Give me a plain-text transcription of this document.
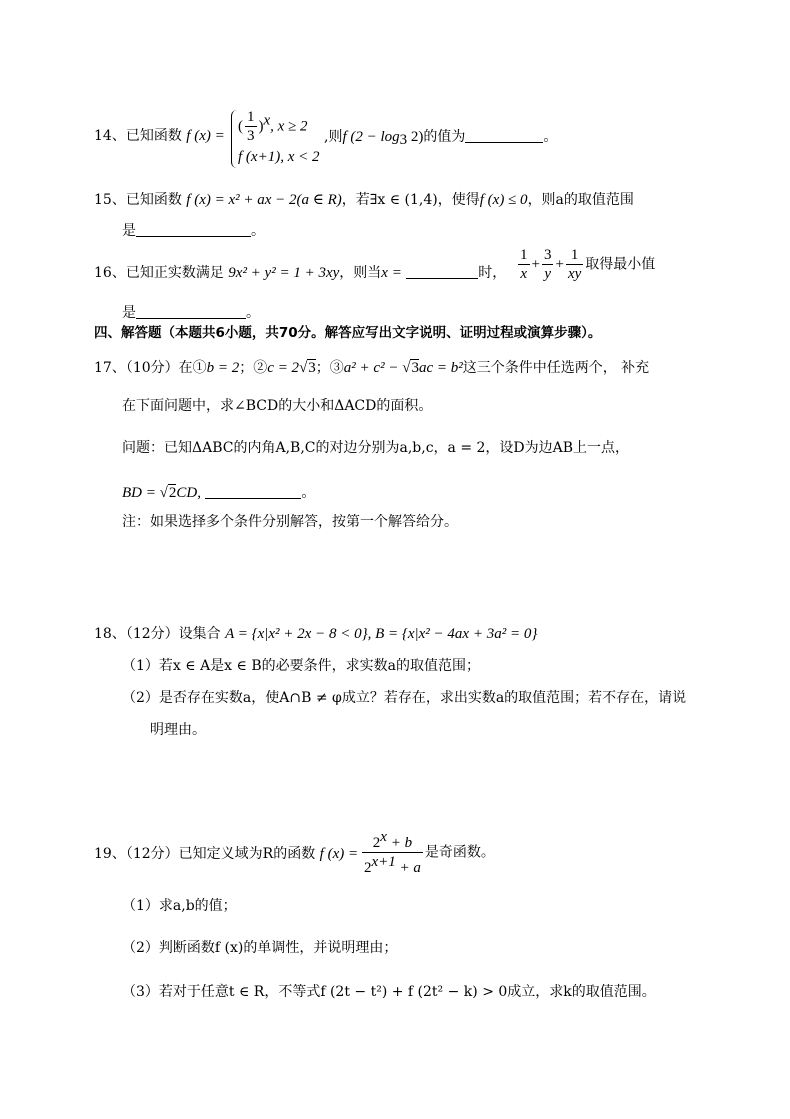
14、已知函数 f (x) =
( $\frac{1}{3} )^x$, x ≥ 2
f (x+1), x < 2
,则f $(2 - \log_3 2)$的值为	。
15、已知函数 f (x) = x² + ax − 2(a ∈ R)，若∃x ∈ (1,4)，使得f (x) ≤ 0，则a的取值范围
是	。
16、已知正实数满足 9x² + y² = 1 + 3xy，则当x =	时， $\frac{1}{x} + \frac{3}{y} + \frac{1}{xy}$ 取得最小值
是	。
四、解答题（本题共6小题，共70分。解答应写出文字说明、证明过程或演算步骤）。
17、（10分）在①b = 2；②c = 2√3；③a² + c² − √3ac = b²这三个条件中任选两个， 补充
在下面问题中，求∠BCD的大小和ΔACD的面积。
问题：已知ΔABC的内角A,B,C的对边分别为a,b,c，a = 2，设D为边AB上一点，
BD = √2CD,	。
注：如果选择多个条件分别解答，按第一个解答给分。
18、（12分）设集合 A = {x|x² + 2x − 8 < 0}, B = {x|x² − 4ax + 3a² = 0}
（1）若x ∈ A是x ∈ B的必要条件，求实数a的取值范围；
（2）是否存在实数a，使A∩B ≠ φ成立？若存在，求出实数a的取值范围；若不存在，请说
明理由。
19、（12分）已知定义域为R的函数 f $(x) = \frac{2^x + b}{2^{x+1} + a}$ 是奇函数。
（1）求a,b的值；
（2）判断函数f (x)的单调性，并说明理由；
（3）若对于任意t ∈ R，不等式f (2t − t²) + f (2t² − k) > 0成立，求k的取值范围。
